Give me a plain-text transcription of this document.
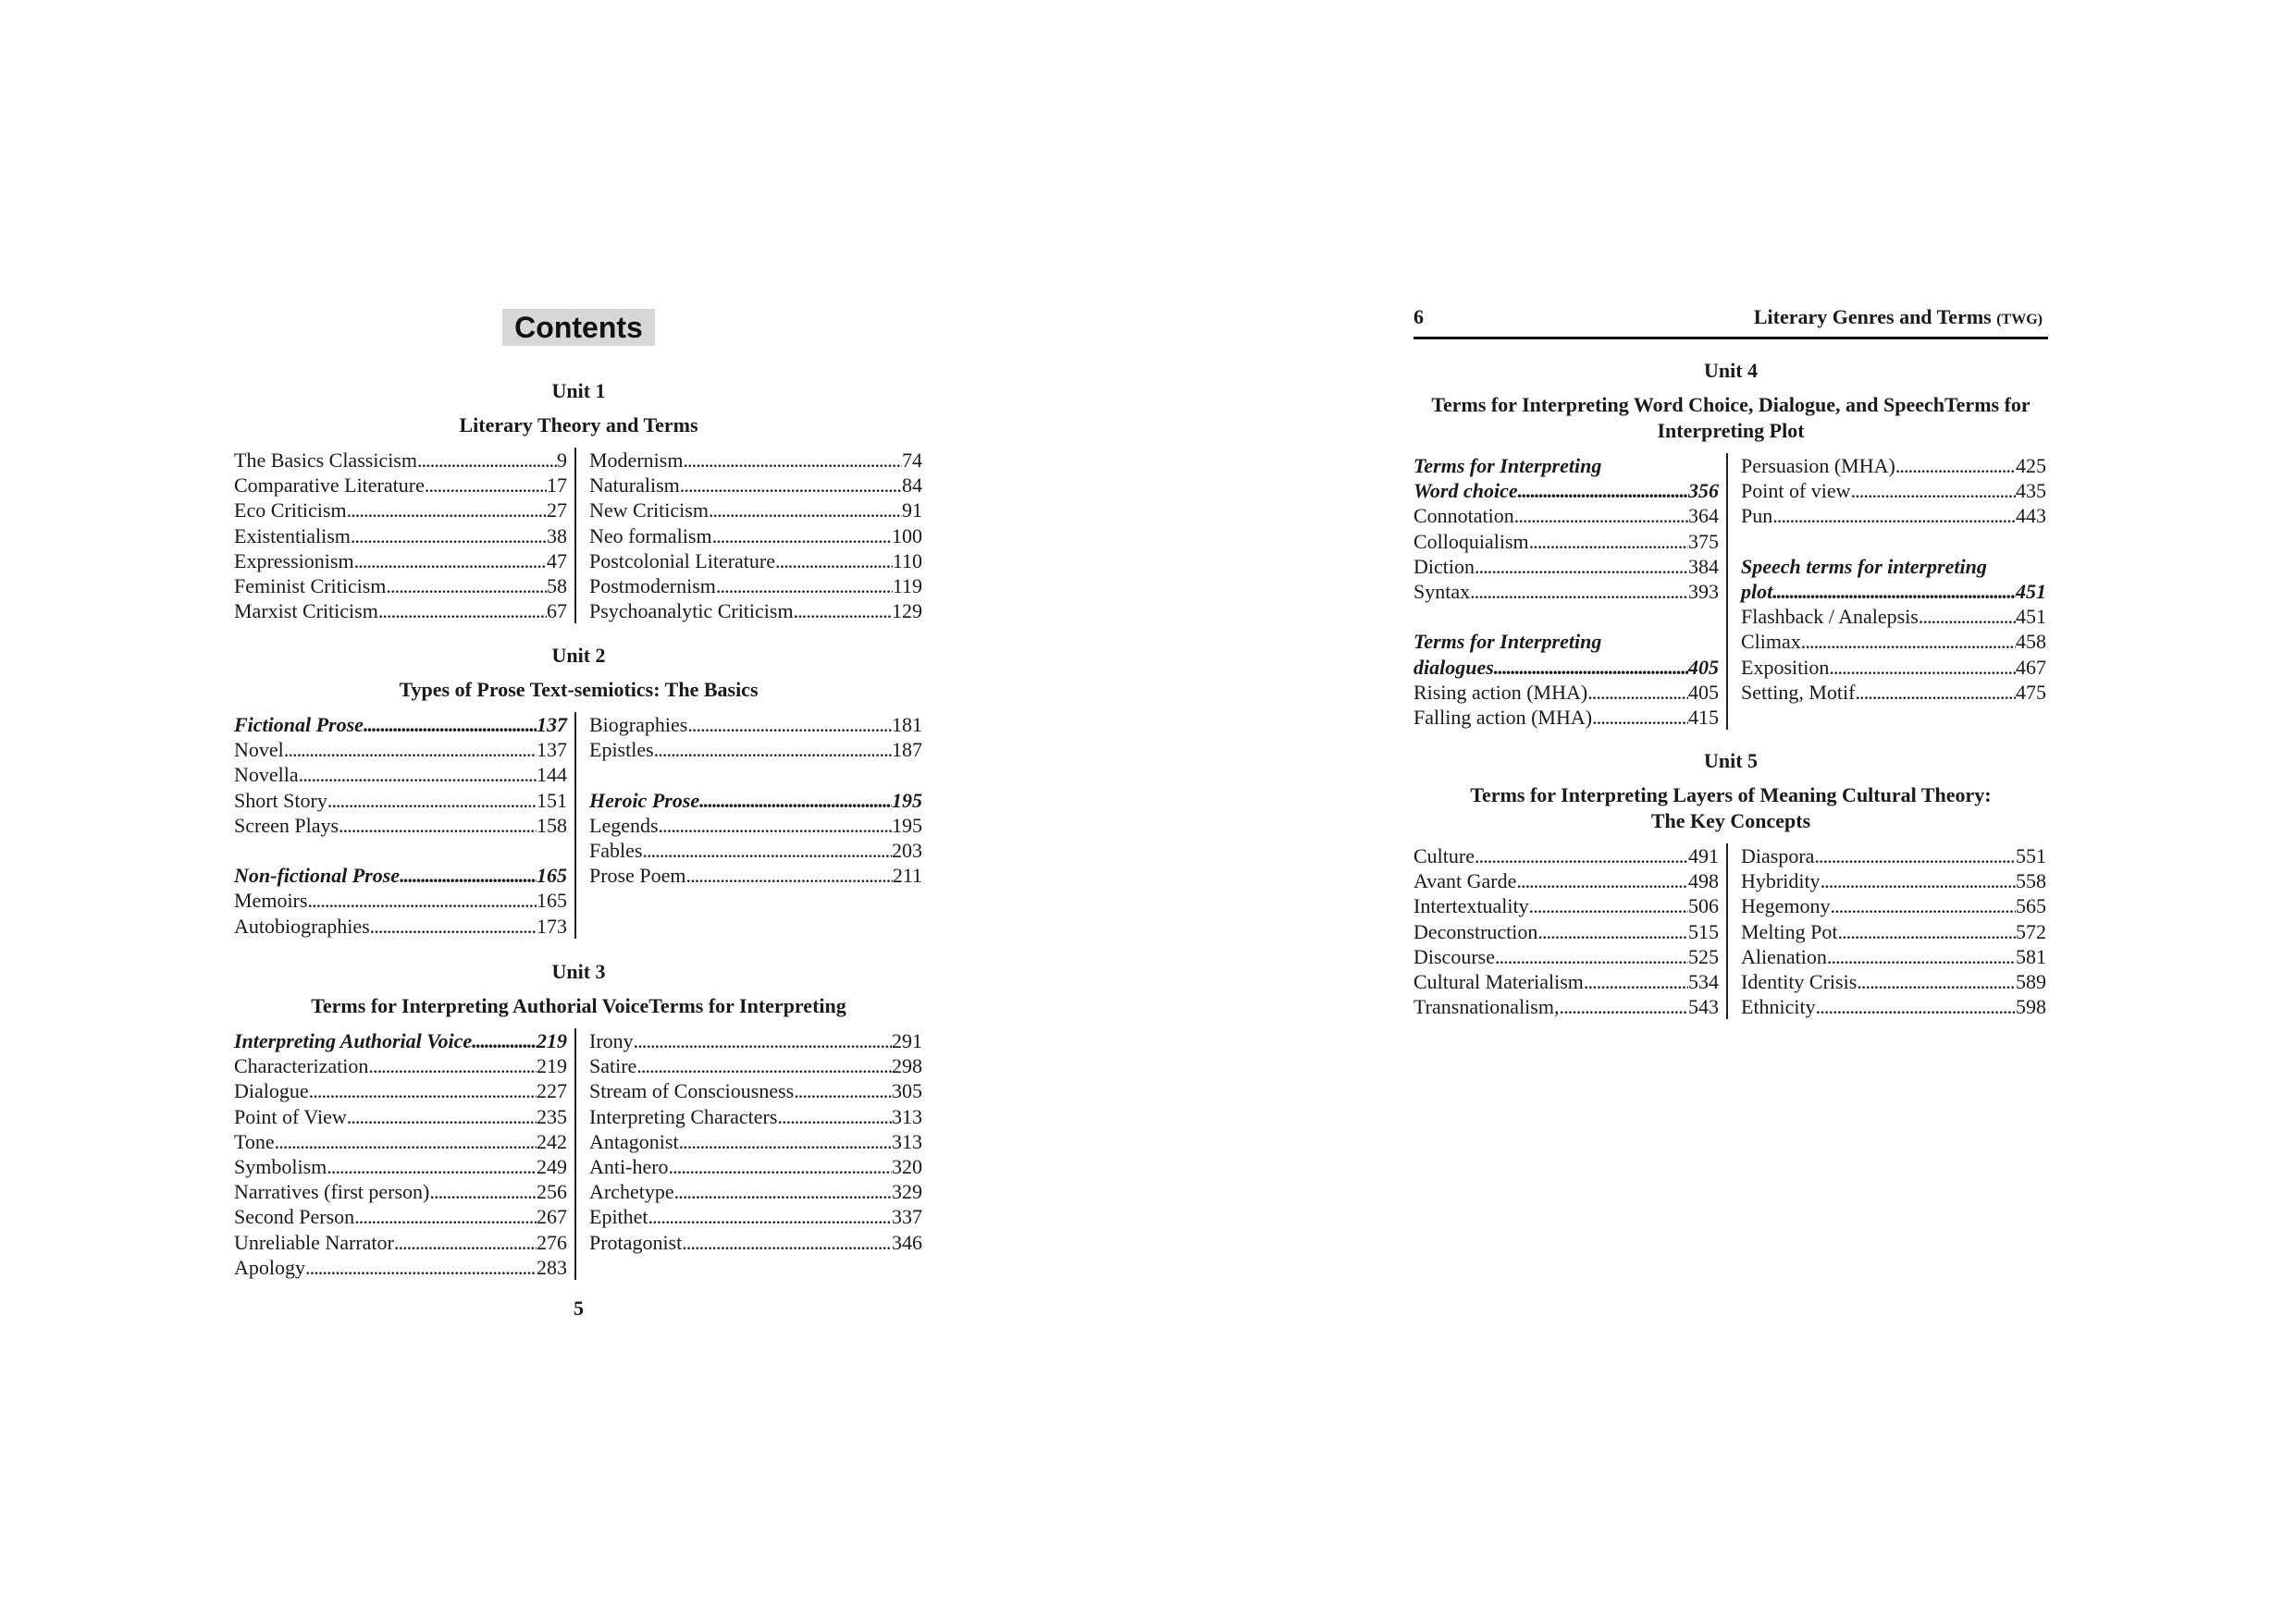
Contents
Unit 1
Literary Theory and Terms
The Basics Classicism . . .	9
Comparative Literature . . .	17
Eco Criticism . . .	27
Existentialism . . .	38
Expressionism . . .	47
Feminist Criticism . . .	58
Marxist Criticism . . .	67
Modernism . . .	74
Naturalism . . .	84
New Criticism . . .	91
Neo formalism . . .	100
Postcolonial Literature . . .	110
Postmodernism . . .	119
Psychoanalytic Criticism . . .	129
Unit 2
Types of Prose Text-semiotics: The Basics
Fictional Prose . . .	137
Novel . . .	137
Novella . . .	144
Short Story . . .	151
Screen Plays . . .	158
Non-fictional Prose . . .	165
Memoirs . . .	165
Autobiographies . . .	173
Biographies . . .	181
Epistles . . .	187
Heroic Prose . . .	195
Legends . . .	195
Fables . . .	203
Prose Poem . . .	211
Unit 3
Terms for Interpreting Authorial VoiceTerms for Interpreting
Interpreting Authorial Voice . . .	219
Characterization . . .	219
Dialogue . . .	227
Point of View . . .	235
Tone . . .	242
Symbolism . . .	249
Narratives (first person) . . .	256
Second Person . . .	267
Unreliable Narrator . . .	276
Apology . . .	283
Irony . . .	291
Satire . . .	298
Stream of Consciousness . . .	305
Interpreting Characters . . .	313
Antagonist . . .	313
Anti-hero . . .	320
Archetype . . .	329
Epithet . . .	337
Protagonist . . .	346
5
6	Literary Genres and Terms (TWG)
Unit 4
Terms for Interpreting Word Choice, Dialogue, and SpeechTerms for
Interpreting Plot
Terms for Interpreting
Word choice . . .	356
Connotation . . .	364
Colloquialism . . .	375
Diction . . .	384
Syntax . . .	393
Terms for Interpreting
dialogues . . .	405
Rising action (MHA) . . .	405
Falling action (MHA) . . .	415
Persuasion (MHA) . . .	425
Point of view . . .	435
Pun . . .	443
Speech terms for interpreting
plot . . .	451
Flashback / Analepsis . . .	451
Climax . . .	458
Exposition . . .	467
Setting, Motif . . .	475
Unit 5
Terms for Interpreting Layers of Meaning Cultural Theory:
The Key Concepts
Culture . . .	491
Avant Garde . . .	498
Intertextuality . . .	506
Deconstruction . . .	515
Discourse . . .	525
Cultural Materialism . . .	534
Transnationalism, . . .	543
Diaspora . . .	551
Hybridity . . .	558
Hegemony . . .	565
Melting Pot . . .	572
Alienation . . .	581
Identity Crisis . . .	589
Ethnicity . . .	598
